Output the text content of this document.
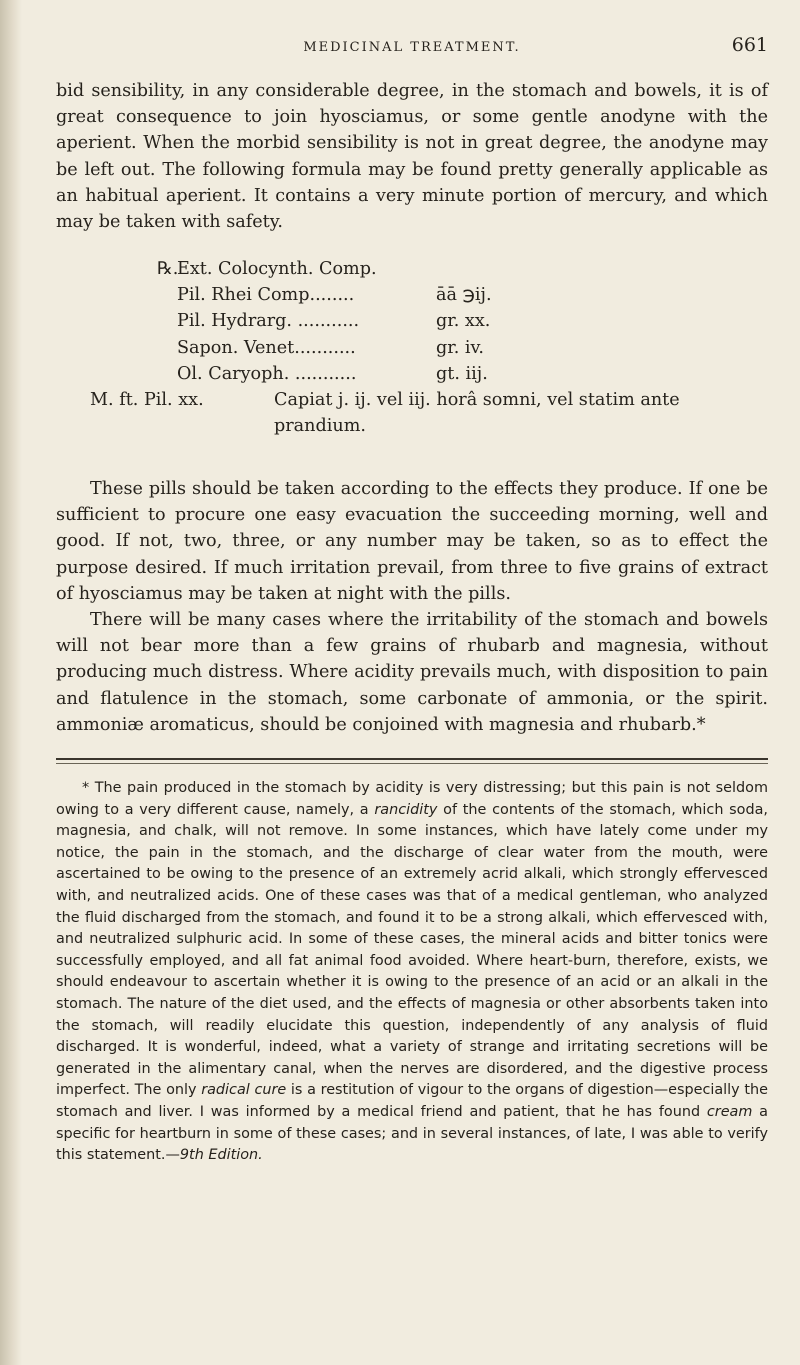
MEDICINAL TREATMENT.	661

bid sensibility, in any considerable degree, in the stomach and bowels, it is of great consequence to join hyosciamus, or some gentle anodyne with the aperient. When the morbid sensibility is not in great degree, the anodyne may be left out. The following formula may be found pretty generally applicable as an habitual aperient. It contains a very minute portion of mercury, and which may be taken with safety.

℞.
Ext. Colocynth. Comp.
Pil. Rhei Comp........	āā ℈ij.
Pil. Hydrarg. ...........	gr. xx.
Sapon. Venet...........	gr. iv.
Ol. Caryoph. ...........	gt. iij.
M. ft. Pil. xx.	Capiat j. ij. vel iij. horâ somni, vel statim ante prandium.

These pills should be taken according to the effects they produce. If one be sufficient to procure one easy evacuation the succeeding morning, well and good. If not, two, three, or any number may be taken, so as to effect the purpose desired. If much irritation prevail, from three to five grains of extract of hyosciamus may be taken at night with the pills.

There will be many cases where the irritability of the stomach and bowels will not bear more than a few grains of rhubarb and magnesia, without producing much distress. Where acidity prevails much, with disposition to pain and flatulence in the stomach, some carbonate of ammonia, or the spirit. ammoniæ aromaticus, should be conjoined with magnesia and rhubarb.*

* The pain produced in the stomach by acidity is very distressing; but this pain is not seldom owing to a very different cause, namely, a rancidity of the contents of the stomach, which soda, magnesia, and chalk, will not remove. In some instances, which have lately come under my notice, the pain in the stomach, and the discharge of clear water from the mouth, were ascertained to be owing to the presence of an extremely acrid alkali, which strongly effervesced with, and neutralized acids. One of these cases was that of a medical gentleman, who analyzed the fluid discharged from the stomach, and found it to be a strong alkali, which effervesced with, and neutralized sulphuric acid. In some of these cases, the mineral acids and bitter tonics were successfully employed, and all fat animal food avoided. Where heart-burn, therefore, exists, we should endeavour to ascertain whether it is owing to the presence of an acid or an alkali in the stomach. The nature of the diet used, and the effects of magnesia or other absorbents taken into the stomach, will readily elucidate this question, independently of any analysis of fluid discharged. It is wonderful, indeed, what a variety of strange and irritating secretions will be generated in the alimentary canal, when the nerves are disordered, and the digestive process imperfect. The only radical cure is a restitution of vigour to the organs of digestion—especially the stomach and liver. I was informed by a medical friend and patient, that he has found cream a specific for heartburn in some of these cases; and in several instances, of late, I was able to verify this statement.—9th Edition.
